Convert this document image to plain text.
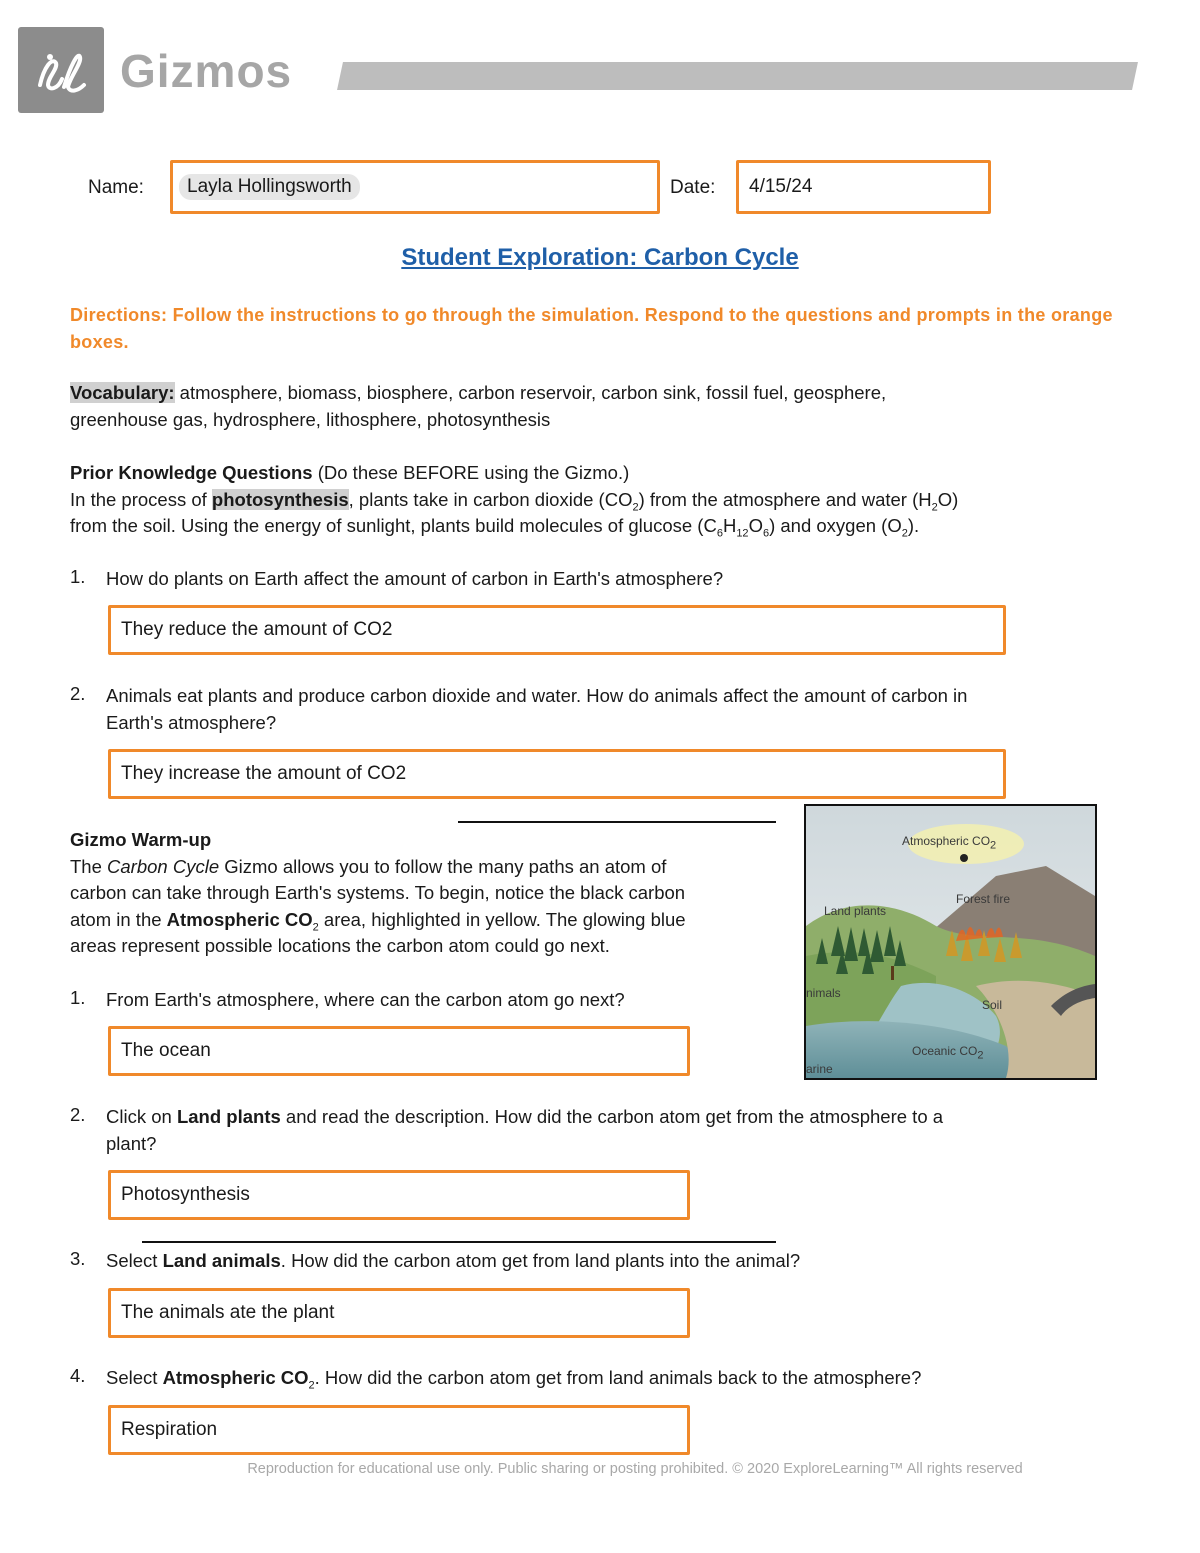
Gizmos
Name:	Layla Hollingsworth	Date: 4/15/24
Student Exploration: Carbon Cycle
Directions: Follow the instructions to go through the simulation. Respond to the questions and prompts in the orange boxes.
Vocabulary: atmosphere, biomass, biosphere, carbon reservoir, carbon sink, fossil fuel, geosphere,
greenhouse gas, hydrosphere, lithosphere, photosynthesis
Prior Knowledge Questions (Do these BEFORE using the Gizmo.)
In the process of photosynthesis, plants take in carbon dioxide $(CO_2)$ from the atmosphere and water $(H_2O)$
from the soil. Using the energy of sunlight, plants build molecules of glucose $(C_6H_{12}O_6)$ and oxygen $(O_2)$.
1. How do plants on Earth affect the amount of carbon in Earth's atmosphere?
They reduce the amount of CO2
2. Animals eat plants and produce carbon dioxide and water. How do animals affect the amount of carbon in
Earth's atmosphere?
They increase the amount of CO2
Gizmo Warm-up
The Carbon Cycle Gizmo allows you to follow the many paths an atom of
carbon can take through Earth's systems. To begin, notice the black carbon
atom in the Atmospheric $CO_2$ area, highlighted in yellow. The glowing blue
areas represent possible locations the carbon atom could go next.
Atmospheric $CO_2$
Forest fire
Land plants
nimals
Soil
Oceanic $CO_2$
arine
1. From Earth's atmosphere, where can the carbon atom go next?
The ocean
2. Click on Land plants and read the description. How did the carbon atom get from the atmosphere to a
plant?
Photosynthesis
3. Select Land animals. How did the carbon atom get from land plants into the animal?
The animals ate the plant
4. Select Atmospheric $CO_2$. How did the carbon atom get from land animals back to the atmosphere?
Respiration
Reproduction for educational use only. Public sharing or posting prohibited. © 2020 ExploreLearning™ All rights reserved
